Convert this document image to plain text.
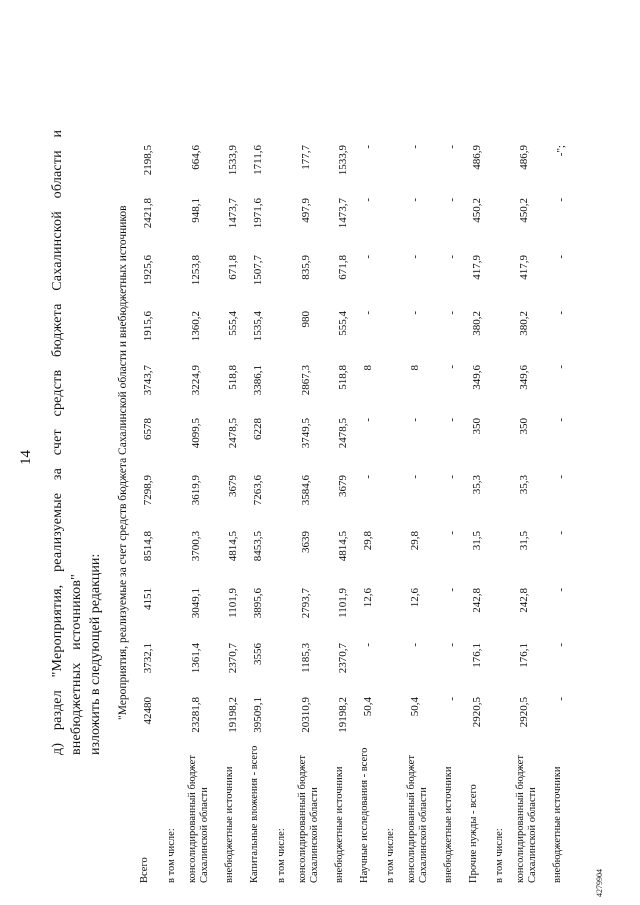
14 д) раздел "Мероприятия, реализуемые за счет средств бюджета Сахалинской области и внебюджетных источников" изложить в следующей редакции: "Мероприятия, реализуемые за счет средств бюджета Сахалинской области и внебюджетных источников
Всего
42480
3732,1
4151
8514,8
7298,9
6578
3743,7
1915,6
1925,6
2421,8
2198,5
в том числе: консолидированный бюджет Сахалинской области
23281,8
1361,4
3049,1
3700,3
3619,9
4099,5
3224,9
1360,2
1253,8
948,1
664,6
внебюджетные источники
19198,2
2370,7
1101,9
4814,5
3679
2478,5
518,8
555,4
671,8
1473,7
1533,9
Капитальные вложения - всего
39509,1
3556
3895,6
8453,5
7263,6
6228
3386,1
1535,4
1507,7
1971,6
1711,6
в том числе: консолидированный бюджет Сахалинской области
20310,9
1185,3
2793,7
3639
3584,6
3749,5
2867,3
980
835,9
497,9
177,7
внебюджетные источники
19198,2
2370,7
1101,9
4814,5
3679
2478,5
518,8
555,4
671,8
1473,7
1533,9
Научные исследования - всего
50,4
-
12,6
29,8
-
-
8
-
-
-
-
в том числе: консолидированный бюджет Сахалинской области
50,4
-
12,6
29,8
-
-
8
-
-
-
-
внебюджетные источники
-
-
-
-
-
-
-
-
-
-
-
Прочие нужды - всего
2920,5
176,1
242,8
31,5
35,3
350
349,6
380,2
417,9
450,2
486,9
в том числе: консолидированный бюджет Сахалинской области
2920,5
176,1
242,8
31,5
35,3
350
349,6
380,2
417,9
450,2
486,9
внебюджетные источники
-
-
-
-
-
-
-
-
-
-
-";
4279904
